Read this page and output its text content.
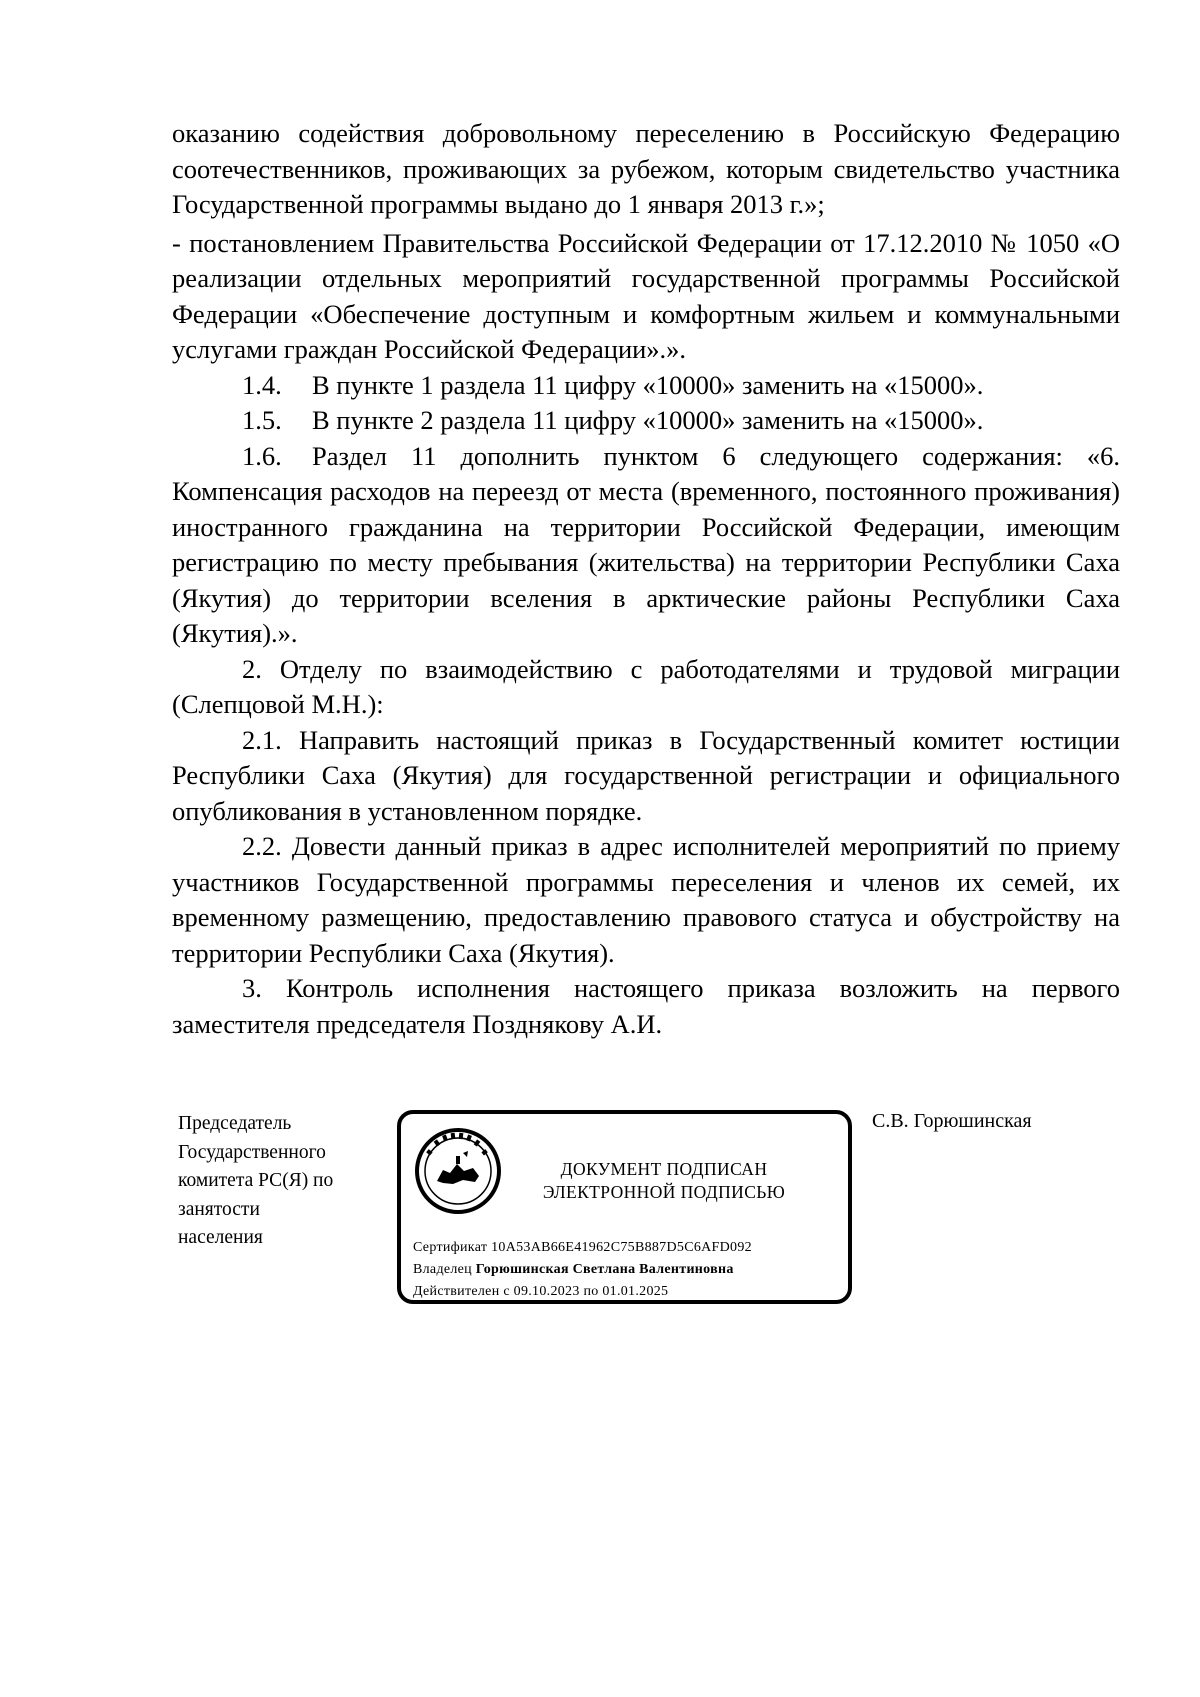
оказанию содействия добровольному переселению в Российскую Федерацию соотечественников, проживающих за рубежом, которым свидетельство участника Государственной программы выдано до 1 января 2013 г.»;

- постановлением Правительства Российской Федерации от 17.12.2010 № 1050 «О реализации отдельных мероприятий государственной программы Российской Федерации «Обеспечение доступным и комфортным жильем и коммунальными услугами граждан Российской Федерации».».

1.4. В пункте 1 раздела 11 цифру «10000» заменить на «15000».

1.5. В пункте 2 раздела 11 цифру «10000» заменить на «15000».

1.6. Раздел 11 дополнить пунктом 6 следующего содержания: «6. Компенсация расходов на переезд от места (временного, постоянного проживания) иностранного гражданина на территории Российской Федерации, имеющим регистрацию по месту пребывания (жительства) на территории Республики Саха (Якутия) до территории вселения в арктические районы Республики Саха (Якутия).».

2. Отделу по взаимодействию с работодателями и трудовой миграции (Слепцовой М.Н.):

2.1. Направить настоящий приказ в Государственный комитет юстиции Республики Саха (Якутия) для государственной регистрации и официального опубликования в установленном порядке.

2.2. Довести данный приказ в адрес исполнителей мероприятий по приему участников Государственной программы переселения и членов их семей, их временному размещению, предоставлению правового статуса и обустройству на территории Республики Саха (Якутия).

3. Контроль исполнения настоящего приказа возложить на первого заместителя председателя Позднякову А.И.

Председатель
Государственного
комитета РС(Я) по
занятости
населения
ДОКУМЕНТ ПОДПИСАН
ЭЛЕКТРОННОЙ ПОДПИСЬЮ
Сертификат 10A53AB66E41962C75B887D5C6AFD092
Владелец Горюшинская Светлана Валентиновна
Действителен с 09.10.2023 по 01.01.2025
С.В. Горюшинская
